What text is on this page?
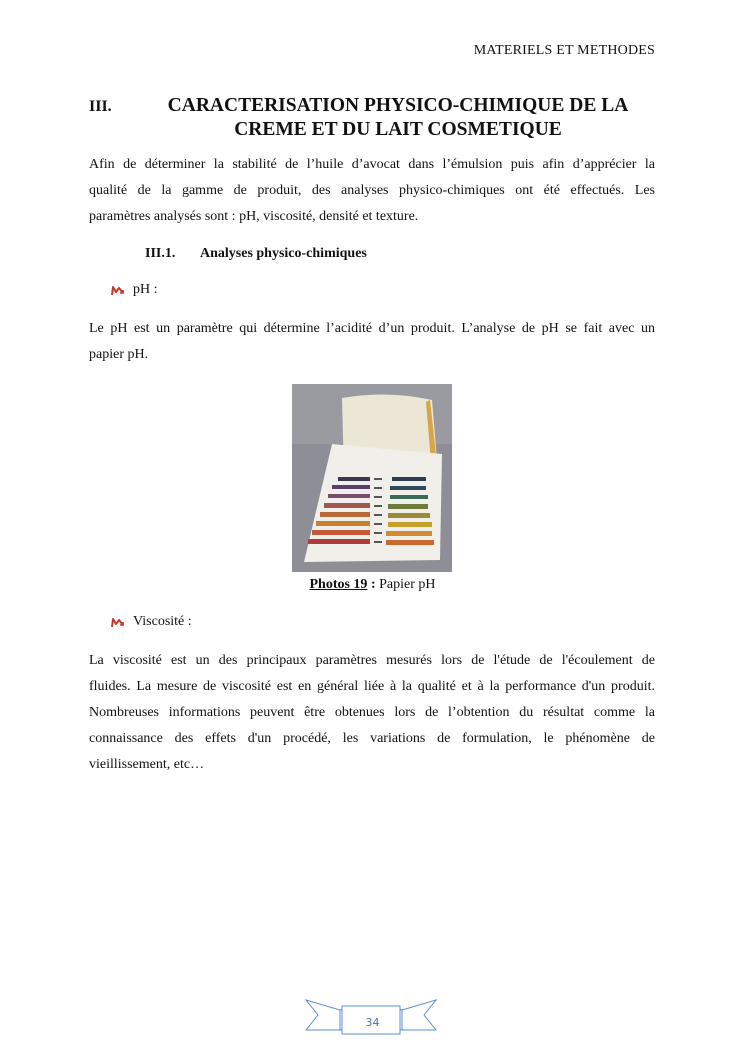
MATERIELS ET METHODES
III.	CARACTERISATION PHYSICO-CHIMIQUE DE LA
CREME ET DU LAIT COSMETIQUE
Afin de déterminer la stabilité de l’huile d’avocat dans l’émulsion puis afin d’apprécier la
qualité de la gamme de produit, des analyses physico-chimiques ont été effectués. Les
paramètres analysés sont : pH, viscosité, densité et texture.
III.1. Analyses physico-chimiques
pH :
Le pH est un paramètre qui détermine l’acidité d’un produit. L’analyse de pH se fait avec un
papier pH.
Photos 19 : Papier pH
Viscosité :
La viscosité est un des principaux paramètres mesurés lors de l'étude de l'écoulement de
fluides. La mesure de viscosité est en général liée à la qualité et à la performance d'un produit.
Nombreuses informations peuvent être obtenues lors de l’obtention du résultat comme la
connaissance des effets d'un procédé, les variations de formulation, le phénomène de
vieillissement, etc…
34
